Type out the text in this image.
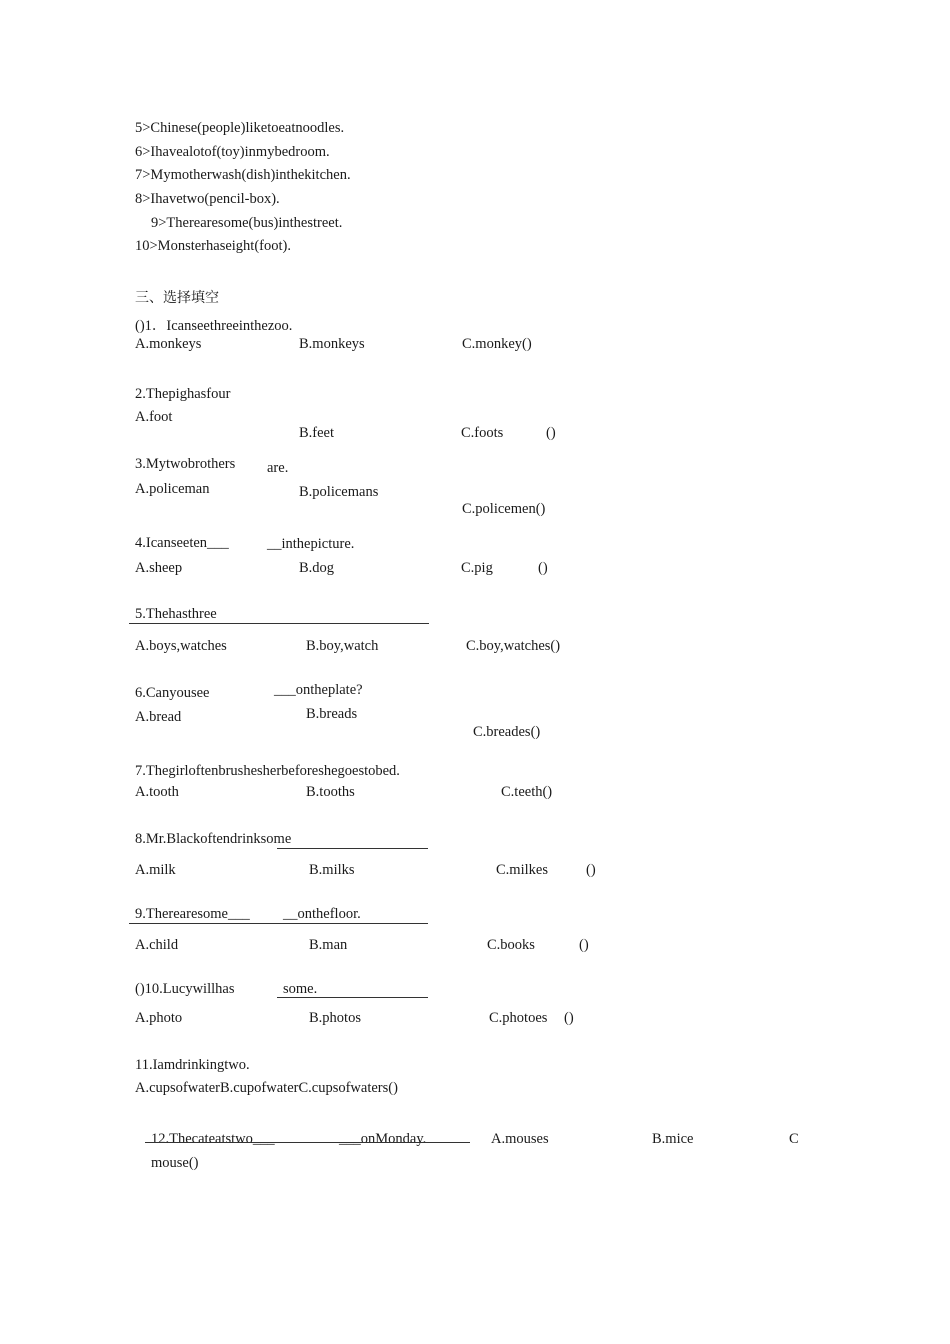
5>Chinese(people)liketoeatnoodles.
6>Ihavealotof(toy)inmybedroom.
7>Mymotherwash(dish)inthekitchen.
8>Ihavetwo(pencil-box).
9>Therearesome(bus)inthestreet.
10>Monsterhaseight(foot).
三、选择填空
()1．Icanseethreeinthezoo.
A.monkeys	B.monkeys	C.monkey()
2.Thepighasfour
A.foot
B.feet	C.foots	()
3.Mytwobrothers are.
A.policeman	B.policemans
C.policemen()
4.Icanseeten___	__inthepicture.
A.sheep	B.dog	C.pig	()
5.Thehasthree
A.boys,watches	B.boy,watch	C.boy,watches()
6.Canyousee	___ontheplate?
A.bread	B.breads
C.breades()
7.Thegirloftenbrushesherbeforeshegoestobed.
A.tooth	B.tooths	C.teeth()
8.Mr.Blackoftendrinksome
A.milk	B.milks	C.milkes	()
9.Therearesome___ __onthefloor.
A.child	B.man	C.books	()
()10.Lucywillhas	some.
A.photo	B.photos	C.photoes ()
11.Iamdrinkingtwo.
A.cupsofwaterB.cupofwaterC.cupsofwaters()
12.Thecateatstwo___	___onMonday.	A.mouses	B.mice	C
mouse()
